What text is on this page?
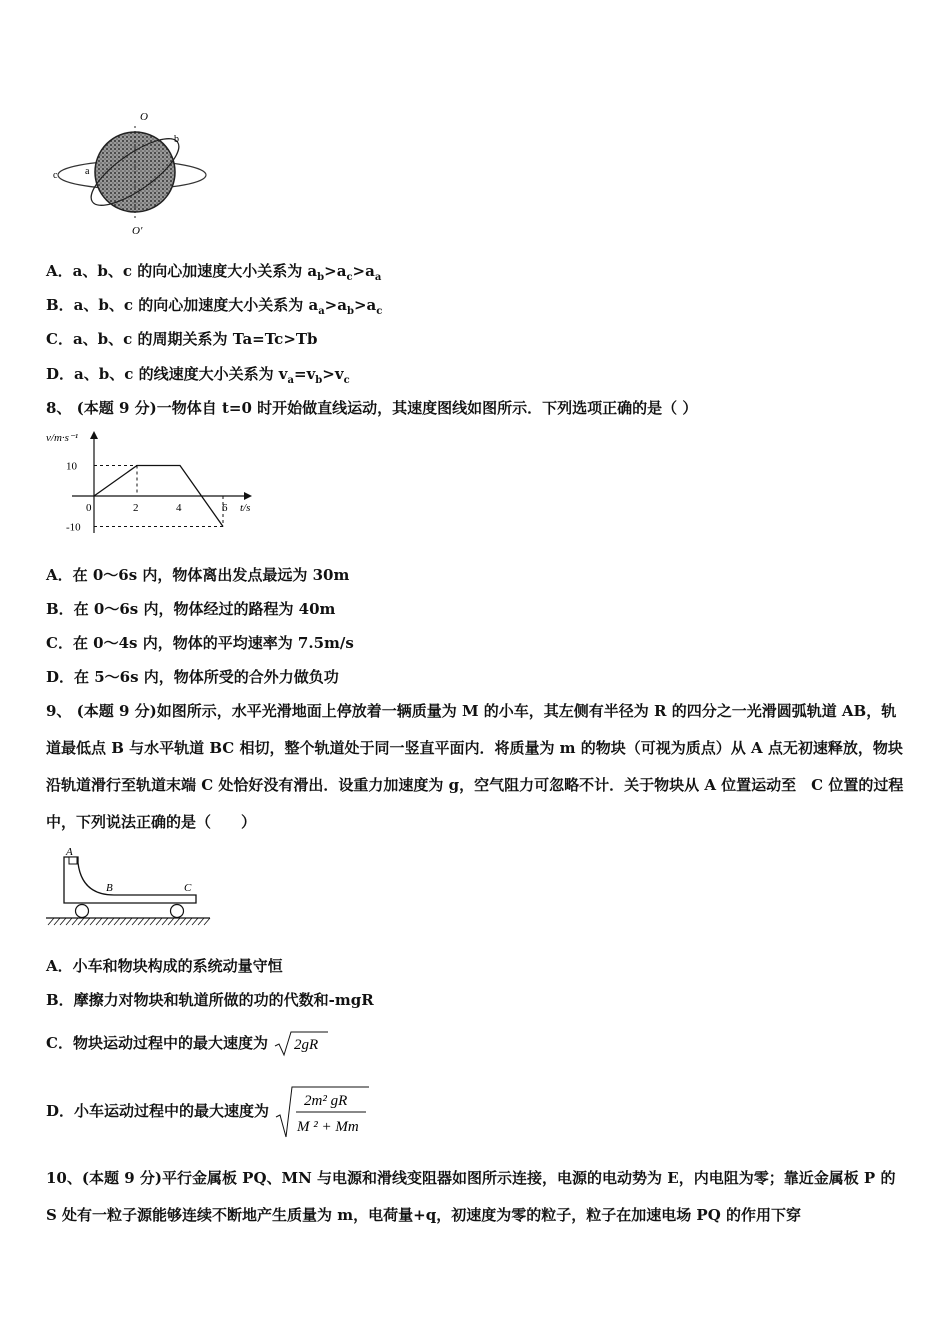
O
O′
a
b
c
A．a、b、c 的向心加速度大小关系为 $a_b>a_c>a_a$
B．a、b、c 的向心加速度大小关系为 $a_a>a_b>a_c$
C．a、b、c 的周期关系为 Ta=Tc>Tb
D．a、b、c 的线速度大小关系为 $v_a=v_b>v_c$
8、 (本题 9 分)一物体自 t=0 时开始做直线运动，其速度图线如图所示．下列选项正确的是（ ）
v/m·s⁻¹
t/s
10
-10
0	2	4	6
A．在 0～6s 内，物体离出发点最远为 30m
B．在 0～6s 内，物体经过的路程为 40m
C．在 0～4s 内，物体的平均速率为 7.5m/s
D．在 5～6s 内，物体所受的合外力做负功
9、 (本题 9 分)如图所示，水平光滑地面上停放着一辆质量为 M 的小车，其左侧有半径为 R 的四分之一光滑圆弧轨道 AB，轨道最低点 B 与水平轨道 BC 相切，整个轨道处于同一竖直平面内．将质量为 m 的物块（可视为质点）从 A 点无初速释放，物块沿轨道滑行至轨道末端 C 处恰好没有滑出．设重力加速度为 g，空气阻力可忽略不计．关于物块从 A 位置运动至　C 位置的过程中，下列说法正确的是（　　）
A
B	C
A．小车和物块构成的系统动量守恒
B．摩擦力对物块和轨道所做的功的代数和-mgR
C．物块运动过程中的最大速度为 2gR
D．小车运动过程中的最大速度为
2m² gR
M ² + Mm
10、(本题 9 分)平行金属板 PQ、MN 与电源和滑线变阻器如图所示连接，电源的电动势为 E，内电阻为零；靠近金属板 P 的 S 处有一粒子源能够连续不断地产生质量为 m，电荷量+q，初速度为零的粒子，粒子在加速电场 PQ 的作用下穿
